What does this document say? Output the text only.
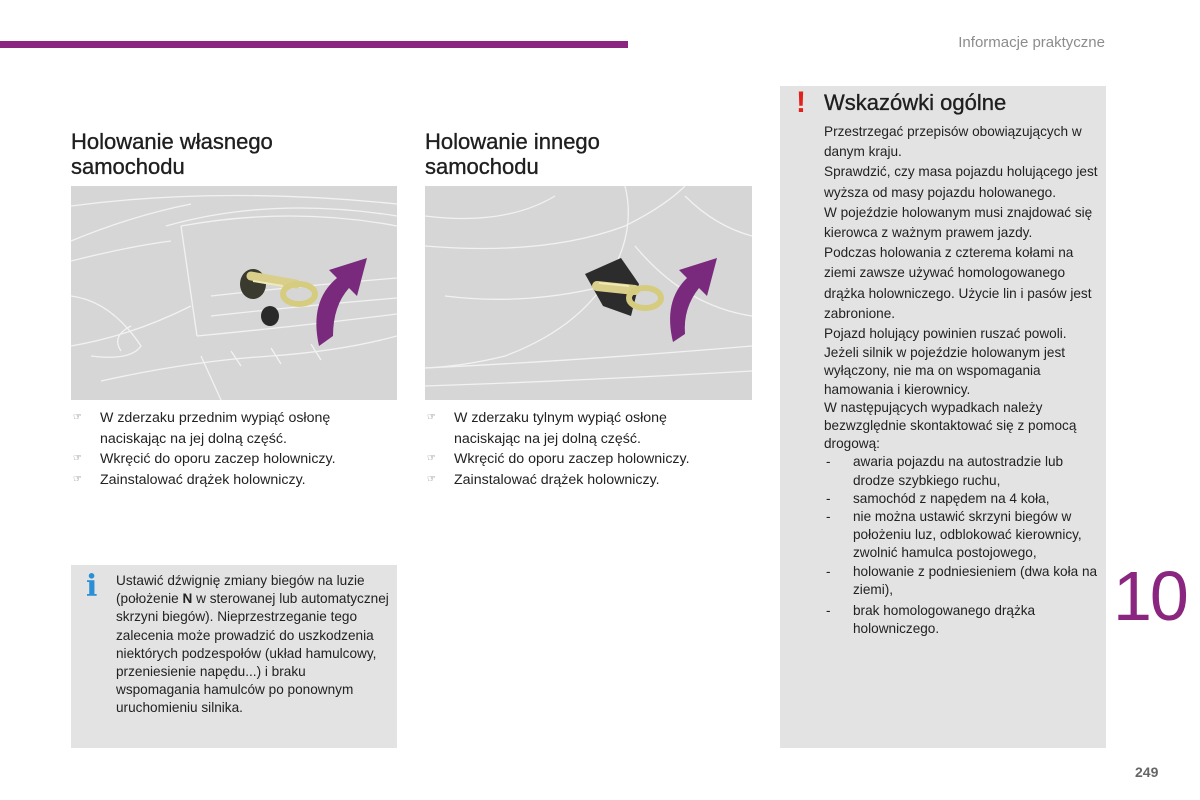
Informacje praktyczne
Holowanie własnego
samochodu
☞ W zderzaku przednim wypiąć osłonę
naciskając na jej dolną część.
☞ Wkręcić do oporu zaczep holowniczy.
☞ Zainstalować drążek holowniczy.
Holowanie innego
samochodu
☞ W zderzaku tylnym wypiąć osłonę
naciskając na jej dolną część.
☞ Wkręcić do oporu zaczep holowniczy.
☞ Zainstalować drążek holowniczy.
i Ustawić dźwignię zmiany biegów na luzie (położenie N w sterowanej lub automatycznej skrzyni biegów). Nieprzestrzeganie tego zalecenia może prowadzić do uszkodzenia niektórych podzespołów (układ hamulcowy, przeniesienie napędu...) i braku wspomagania hamulców po ponownym uruchomieniu silnika.
! Wskazówki ogólne

Przestrzegać przepisów obowiązujących w danym kraju.

Sprawdzić, czy masa pojazdu holującego jest wyższa od masy pojazdu holowanego.

W pojeździe holowanym musi znajdować się kierowca z ważnym prawem jazdy.

Podczas holowania z czterema kołami na ziemi zawsze używać homologowanego drążka holowniczego. Użycie lin i pasów jest zabronione.

Pojazd holujący powinien ruszać powoli.

Jeżeli silnik w pojeździe holowanym jest wyłączony, nie ma on wspomagania hamowania i kierownicy.

W następujących wypadkach należy bezwzględnie skontaktować się z pomocą drogową:

- awaria pojazdu na autostradzie lub drodze szybkiego ruchu,
- samochód z napędem na 4 koła,
- nie można ustawić skrzyni biegów w położeniu luz, odblokować kierownicy, zwolnić hamulca postojowego,
- holowanie z podniesieniem (dwa koła na ziemi),
- brak homologowanego drążka holowniczego.	10
249
